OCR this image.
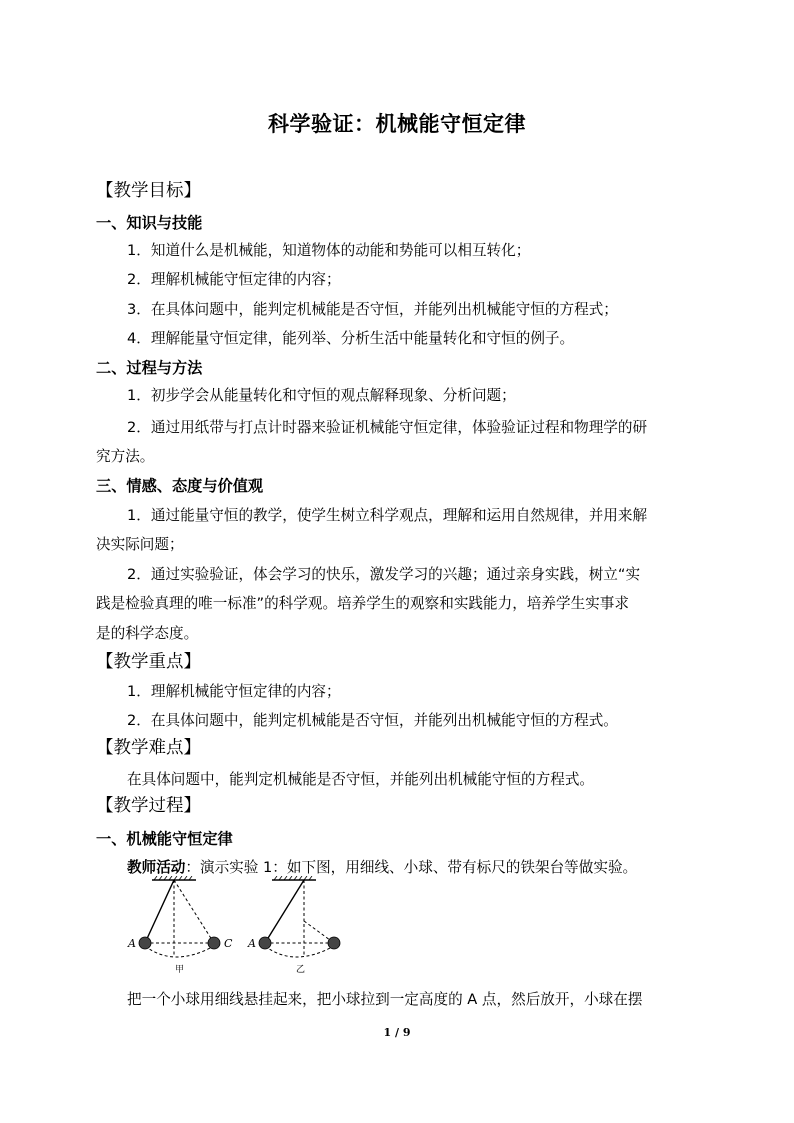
科学验证：机械能守恒定律
【教学目标】
一、知识与技能
1．知道什么是机械能，知道物体的动能和势能可以相互转化；
2．理解机械能守恒定律的内容；
3．在具体问题中，能判定机械能是否守恒，并能列出机械能守恒的方程式；
4．理解能量守恒定律，能列举、分析生活中能量转化和守恒的例子。
二、过程与方法
1．初步学会从能量转化和守恒的观点解释现象、分析问题；
2．通过用纸带与打点计时器来验证机械能守恒定律，体验验证过程和物理学的研
究方法。
三、情感、态度与价值观
1．通过能量守恒的教学，使学生树立科学观点，理解和运用自然规律，并用来解
决实际问题；
2．通过实验验证，体会学习的快乐，激发学习的兴趣；通过亲身实践，树立“实
践是检验真理的唯一标准”的科学观。培养学生的观察和实践能力，培养学生实事求
是的科学态度。
【教学重点】
1．理解机械能守恒定律的内容；
2．在具体问题中，能判定机械能是否守恒，并能列出机械能守恒的方程式。
【教学难点】
在具体问题中，能判定机械能是否守恒，并能列出机械能守恒的方程式。
【教学过程】
一、机械能守恒定律
教师活动：演示实验 1：如下图，用细线、小球、带有标尺的铁架台等做实验。
A	C
甲
A
乙
把一个小球用细线悬挂起来，把小球拉到一定高度的 A 点，然后放开，小球在摆
1 / 9
